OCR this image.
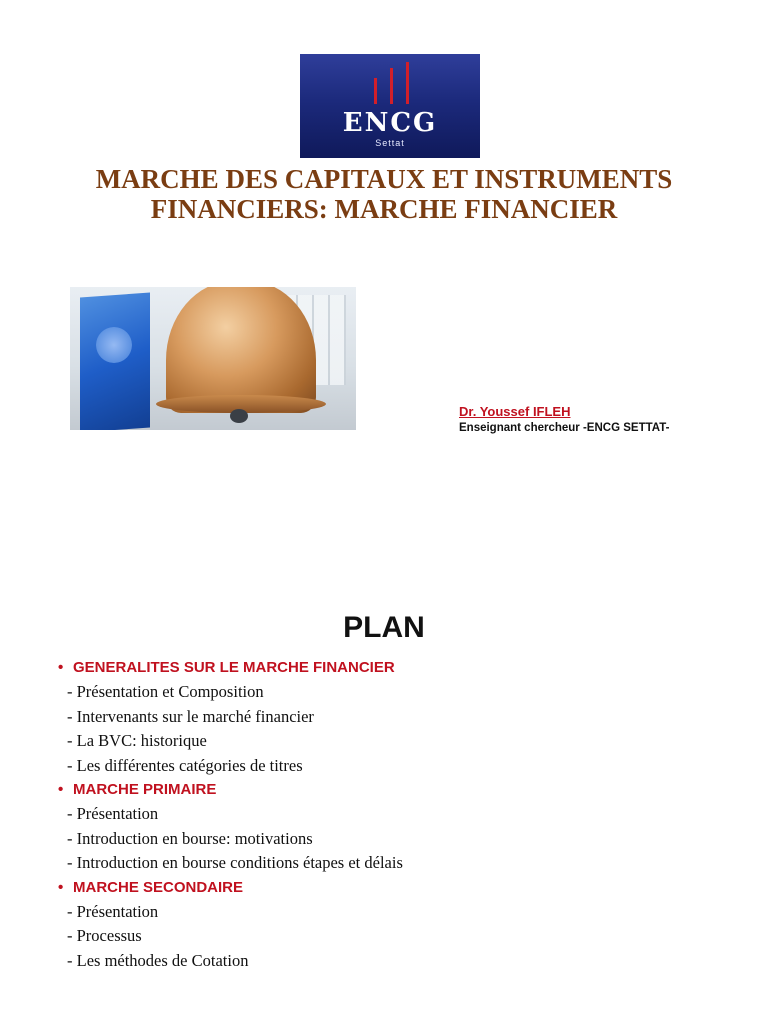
ENCG
Settat
MARCHE DES CAPITAUX ET INSTRUMENTS FINANCIERS: MARCHE FINANCIER
Dr. Youssef IFLEH
Enseignant chercheur -ENCG SETTAT-
PLAN
• GENERALITES SUR LE MARCHE FINANCIER
- Présentation et Composition
- Intervenants sur le marché financier
- La BVC: historique
- Les différentes catégories de titres
• MARCHE PRIMAIRE
- Présentation
- Introduction en bourse: motivations
- Introduction en bourse conditions étapes et délais
• MARCHE SECONDAIRE
- Présentation
- Processus
- Les méthodes de Cotation
